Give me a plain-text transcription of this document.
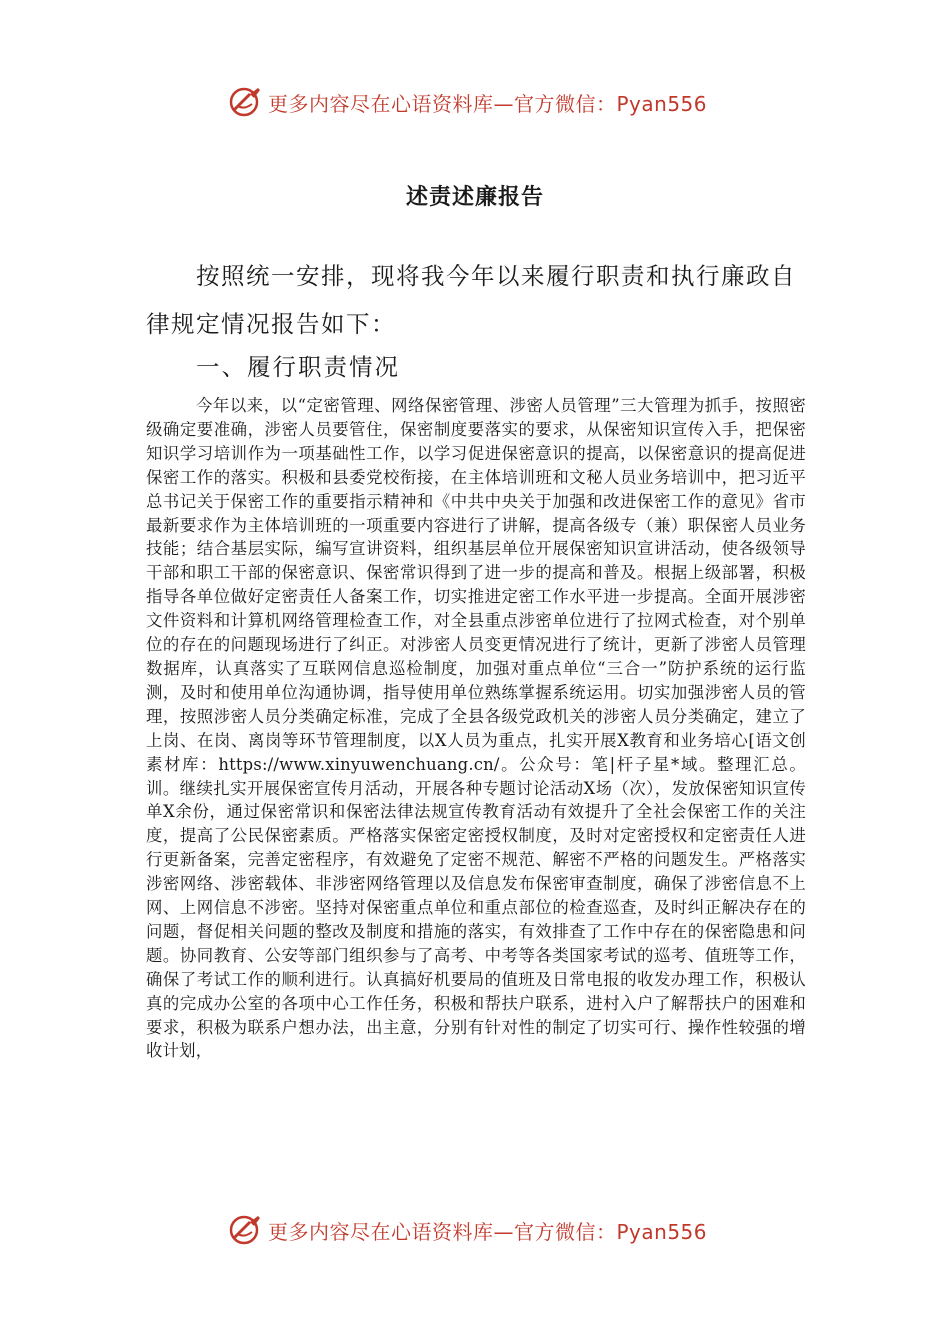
更多内容尽在心语资料库—官方微信：Pyan556
述责述廉报告

按照统一安排，现将我今年以来履行职责和执行廉政自律规定情况报告如下：

一、履行职责情况

今年以来，以“定密管理、网络保密管理、涉密人员管理”三大管理为抓手，按照密级确定要准确，涉密人员要管住，保密制度要落实的要求，从保密知识宣传入手，把保密知识学习培训作为一项基础性工作，以学习促进保密意识的提高，以保密意识的提高促进保密工作的落实。积极和县委党校衔接，在主体培训班和文秘人员业务培训中，把习近平总书记关于保密工作的重要指示精神和《中共中央关于加强和改进保密工作的意见》省市最新要求作为主体培训班的一项重要内容进行了讲解，提高各级专（兼）职保密人员业务技能；结合基层实际，编写宣讲资料，组织基层单位开展保密知识宣讲活动，使各级领导干部和职工干部的保密意识、保密常识得到了进一步的提高和普及。根据上级部署，积极指导各单位做好定密责任人备案工作，切实推进定密工作水平进一步提高。全面开展涉密文件资料和计算机网络管理检查工作，对全县重点涉密单位进行了拉网式检查，对个别单位的存在的问题现场进行了纠正。对涉密人员变更情况进行了统计，更新了涉密人员管理数据库，认真落实了互联网信息巡检制度，加强对重点单位“三合一”防护系统的运行监测，及时和使用单位沟通协调，指导使用单位熟练掌握系统运用。切实加强涉密人员的管理，按照涉密人员分类确定标准，完成了全县各级党政机关的涉密人员分类确定，建立了上岗、在岗、离岗等环节管理制度，以X人员为重点，扎实开展X教育和业务培心[语文创素材库：https://www.xinyuwenchuang.cn/。公众号：笔|杆子星*域。整理汇总。训。继续扎实开展保密宣传月活动，开展各种专题讨论活动X场（次），发放保密知识宣传单X余份，通过保密常识和保密法律法规宣传教育活动有效提升了全社会保密工作的关注度，提高了公民保密素质。严格落实保密定密授权制度，及时对定密授权和定密责任人进行更新备案，完善定密程序，有效避免了定密不规范、解密不严格的问题发生。严格落实涉密网络、涉密载体、非涉密网络管理以及信息发布保密审查制度，确保了涉密信息不上网、上网信息不涉密。坚持对保密重点单位和重点部位的检查巡查，及时纠正解决存在的问题，督促相关问题的整改及制度和措施的落实，有效排查了工作中存在的保密隐患和问题。协同教育、公安等部门组织参与了高考、中考等各类国家考试的巡考、值班等工作，确保了考试工作的顺利进行。认真搞好机要局的值班及日常电报的收发办理工作，积极认真的完成办公室的各项中心工作任务，积极和帮扶户联系，进村入户了解帮扶户的困难和要求，积极为联系户想办法，出主意，分别有针对性的制定了切实可行、操作性较强的增收计划，

更多内容尽在心语资料库—官方微信：Pyan556
